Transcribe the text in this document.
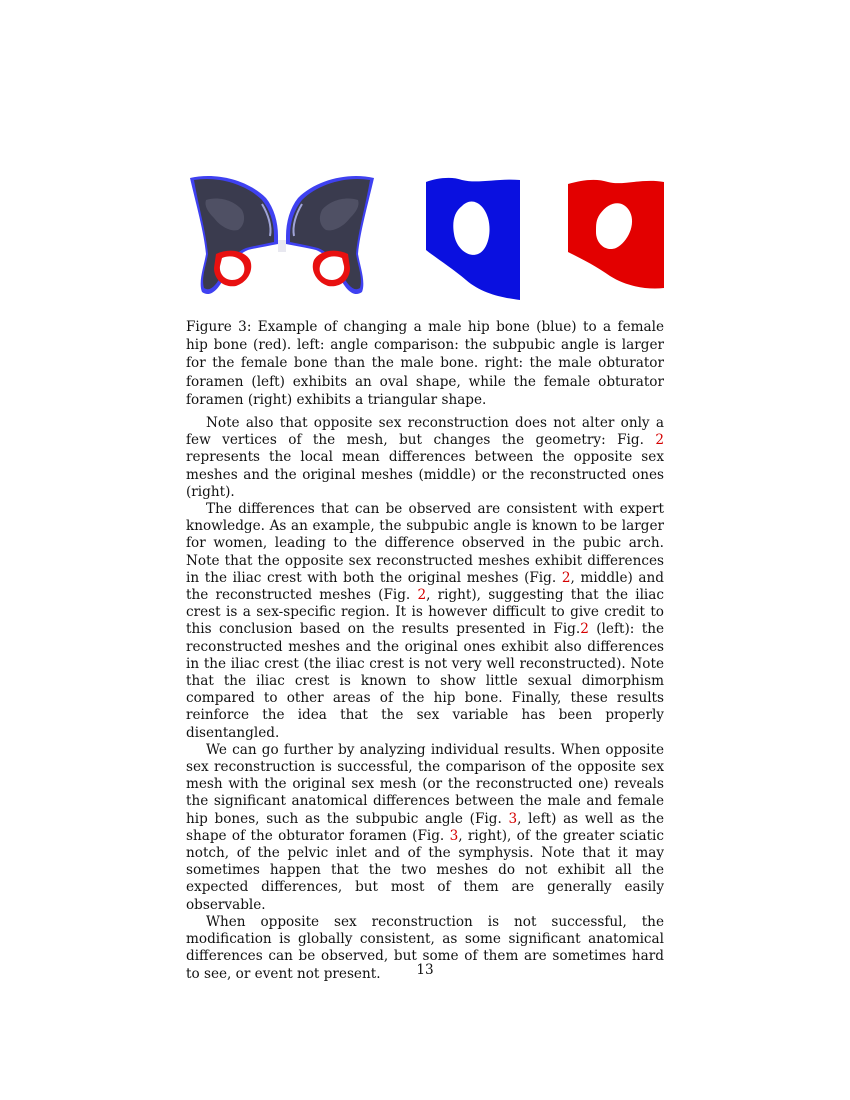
Figure 3: Example of changing a male hip bone (blue) to a female hip bone (red). left: angle comparison: the subpubic angle is larger for the female bone than the male bone. right: the male obturator foramen (left) exhibits an oval shape, while the female obturator foramen (right) exhibits a triangular shape.

Note also that opposite sex reconstruction does not alter only a few vertices of the mesh, but changes the geometry: Fig. 2 represents the local mean differences between the opposite sex meshes and the original meshes (middle) or the reconstructed ones (right).

The differences that can be observed are consistent with expert knowledge. As an example, the subpubic angle is known to be larger for women, leading to the difference observed in the pubic arch. Note that the opposite sex reconstructed meshes exhibit differences in the iliac crest with both the original meshes (Fig. 2, middle) and the reconstructed meshes (Fig. 2, right), suggesting that the iliac crest is a sex-specific region. It is however difficult to give credit to this conclusion based on the results presented in Fig.2 (left): the reconstructed meshes and the original ones exhibit also differences in the iliac crest (the iliac crest is not very well reconstructed). Note that the iliac crest is known to show little sexual dimorphism compared to other areas of the hip bone. Finally, these results reinforce the idea that the sex variable has been properly disentangled.

We can go further by analyzing individual results. When opposite sex reconstruction is successful, the comparison of the opposite sex mesh with the original sex mesh (or the reconstructed one) reveals the significant anatomical differences between the male and female hip bones, such as the subpubic angle (Fig. 3, left) as well as the shape of the obturator foramen (Fig. 3, right), of the greater sciatic notch, of the pelvic inlet and of the symphysis. Note that it may sometimes happen that the two meshes do not exhibit all the expected differences, but most of them are generally easily observable.

When opposite sex reconstruction is not successful, the modification is globally consistent, as some significant anatomical differences can be observed, but some of them are sometimes hard to see, or event not present.	13
